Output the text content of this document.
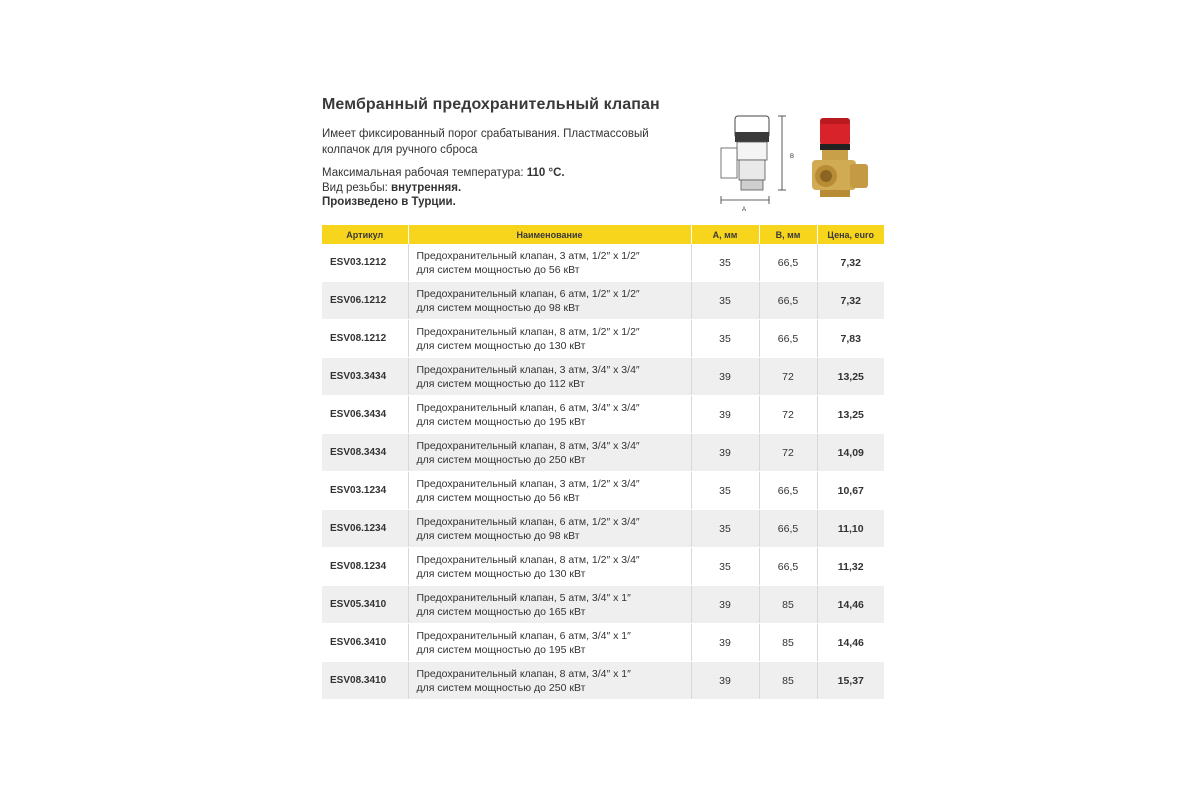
Мембранный предохранительный клапан
Имеет фиксированный порог срабатывания. Пластмассовый колпачок для ручного сброса
Максимальная рабочая температура: 110 °С.
Вид резьбы: внутренняя.
Произведено в Турции.
B
A
Артикул	Наименование	А, мм	В, мм	Цена, euro
ESV03.1212	Предохранительный клапан, 3 атм, 1/2″ х 1/2″
для систем мощностью до 56 кВт	35	66,5	7,32
ESV06.1212	Предохранительный клапан, 6 атм, 1/2″ х 1/2″
для систем мощностью до 98 кВт	35	66,5	7,32
ESV08.1212	Предохранительный клапан, 8 атм, 1/2″ х 1/2″
для систем мощностью до 130 кВт	35	66,5	7,83
ESV03.3434	Предохранительный клапан, 3 атм, 3/4″ х 3/4″
для систем мощностью до 112 кВт	39	72	13,25
ESV06.3434	Предохранительный клапан, 6 атм, 3/4″ х 3/4″
для систем мощностью до 195 кВт	39	72	13,25
ESV08.3434	Предохранительный клапан, 8 атм, 3/4″ х 3/4″
для систем мощностью до 250 кВт	39	72	14,09
ESV03.1234	Предохранительный клапан, 3 атм, 1/2″ х 3/4″
для систем мощностью до 56 кВт	35	66,5	10,67
ESV06.1234	Предохранительный клапан, 6 атм, 1/2″ х 3/4″
для систем мощностью до 98 кВт	35	66,5	11,10
ESV08.1234	Предохранительный клапан, 8 атм, 1/2″ х 3/4″
для систем мощностью до 130 кВт	35	66,5	11,32
ESV05.3410	Предохранительный клапан, 5 атм, 3/4″ х 1″
для систем мощностью до 165 кВт	39	85	14,46
ESV06.3410	Предохранительный клапан, 6 атм, 3/4″ х 1″
для систем мощностью до 195 кВт	39	85	14,46
ESV08.3410	Предохранительный клапан, 8 атм, 3/4″ х 1″
для систем мощностью до 250 кВт	39	85	15,37
